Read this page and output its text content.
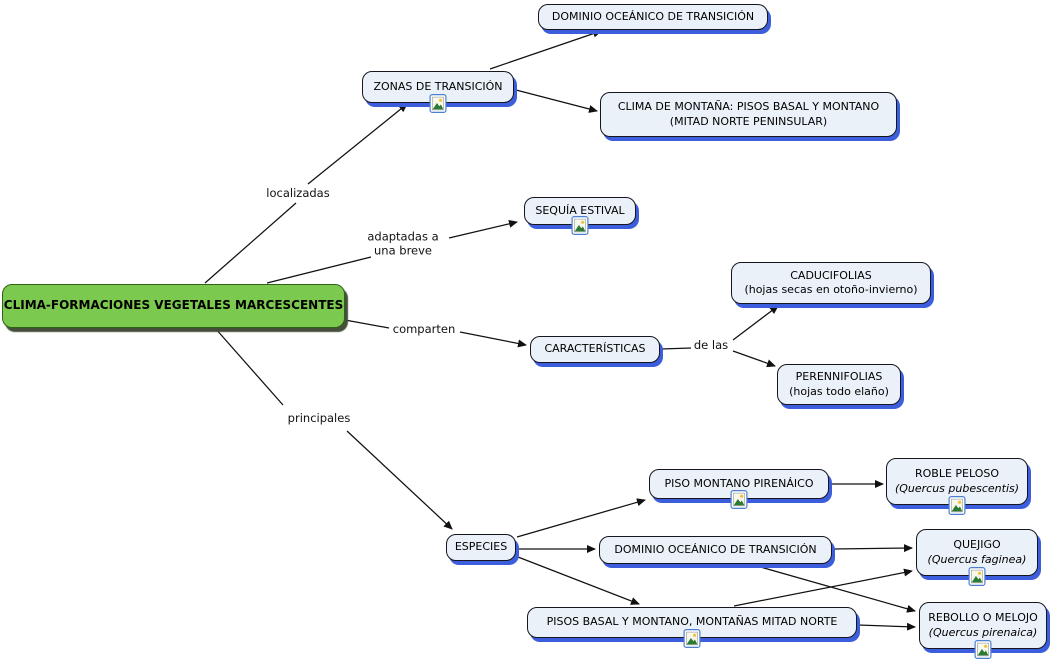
CLIMA-FORMACIONES VEGETALES MARCESCENTES
DOMINIO OCEÁNICO DE TRANSICIÓN
ZONAS DE TRANSICIÓN
CLIMA DE MONTAÑA: PISOS BASAL Y MONTANO
(MITAD NORTE PENINSULAR)
SEQUÍA ESTIVAL
CADUCIFOLIAS
(hojas secas en otoño-invierno)
CARACTERÍSTICAS
PERENNIFOLIAS
(hojas todo elaño)
PISO MONTANO PIRENÁICO
ESPECIES	DOMINIO OCEÁNICO DE TRANSICIÓN
ROBLE PELOSO
(Quercus pubescentis)
QUEJIGO
(Quercus faginea)
PISOS BASAL Y MONTANO, MONTAÑAS MITAD NORTE	REBOLLO O MELOJO
(Quercus pirenaica)
localizadas
adaptadas a
una breve
comparten
de las
principales
